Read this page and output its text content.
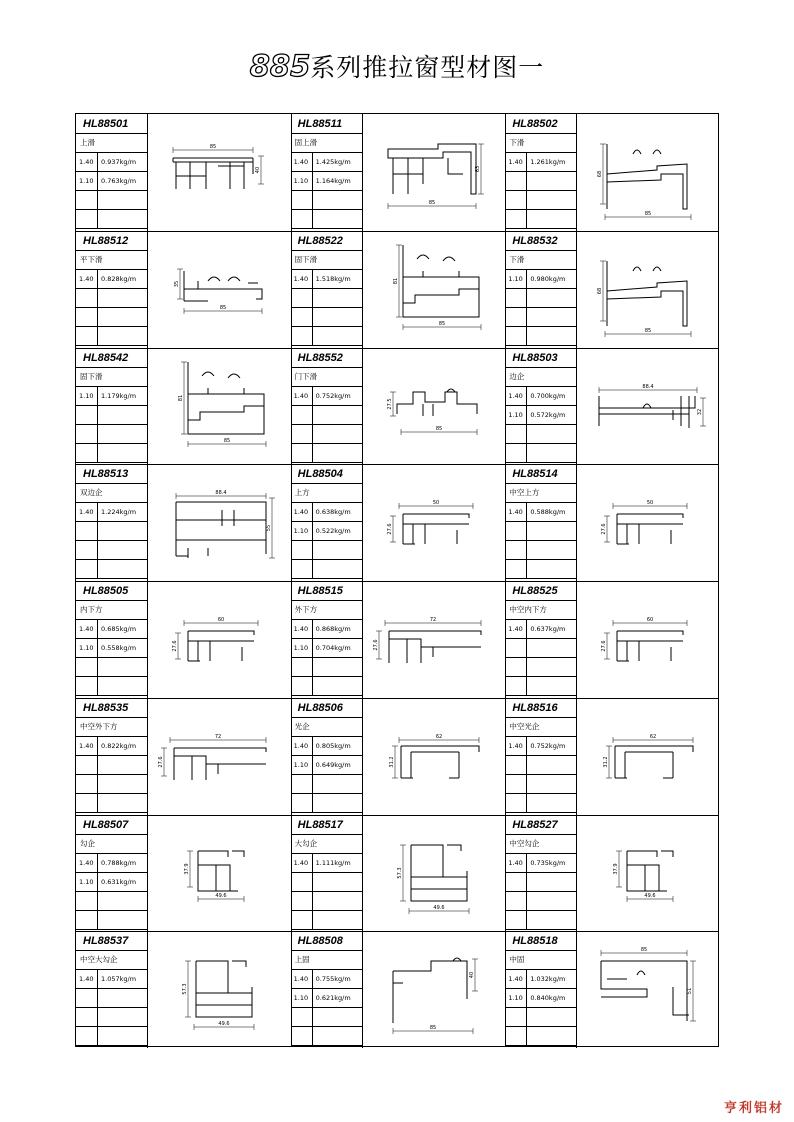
885系列推拉窗型材图一
HL88501
上滑
1.40	0.937kg/m
1.10	0.763kg/m
85
40
HL88511
固上滑
1.40	1.425kg/m
1.10	1.164kg/m
85
63
HL88502
下滑
1.40	1.261kg/m
85
68
HL88512
平下滑
1.40	0.828kg/m
85
35
HL88522
固下滑
1.40	1.518kg/m
85
81
HL88532
下滑
1.10	0.980kg/m
85
68
HL88542
固下滑
1.10	1.179kg/m
85
81
HL88552
门下滑
1.40	0.752kg/m
85
27.5
HL88503
边企
1.40	0.700kg/m
1.10	0.572kg/m
88.4
32
HL88513
双边企
1.40	1.224kg/m
88.4
55
HL88504
上方
1.40	0.638kg/m
1.10	0.522kg/m
50
27.6
HL88514
中空上方
1.40	0.588kg/m
50
27.6
HL88505
内下方
1.40	0.685kg/m
1.10	0.558kg/m
60
27.6
HL88515
外下方
1.40	0.868kg/m
1.10	0.704kg/m
72
27.6
HL88525
中空内下方
1.40	0.637kg/m
60
27.6
HL88535
中空外下方
1.40	0.822kg/m
72
27.6
HL88506
光企
1.40	0.805kg/m
1.10	0.649kg/m
62
31.2
HL88516
中空光企
1.40	0.752kg/m
62
31.2
HL88507
勾企
1.40	0.788kg/m
1.10	0.631kg/m
49.6
37.9
HL88517
大勾企
1.40	1.111kg/m
49.6
57.3
HL88527
中空勾企
1.40	0.735kg/m
49.6
37.9
HL88537
中空大勾企
1.40	1.057kg/m
49.6
57.3
HL88508
上固
1.40	0.755kg/m
1.10	0.621kg/m
85
40
HL88518
中固
1.40	1.032kg/m
1.10	0.840kg/m
85
51
亨利铝材
